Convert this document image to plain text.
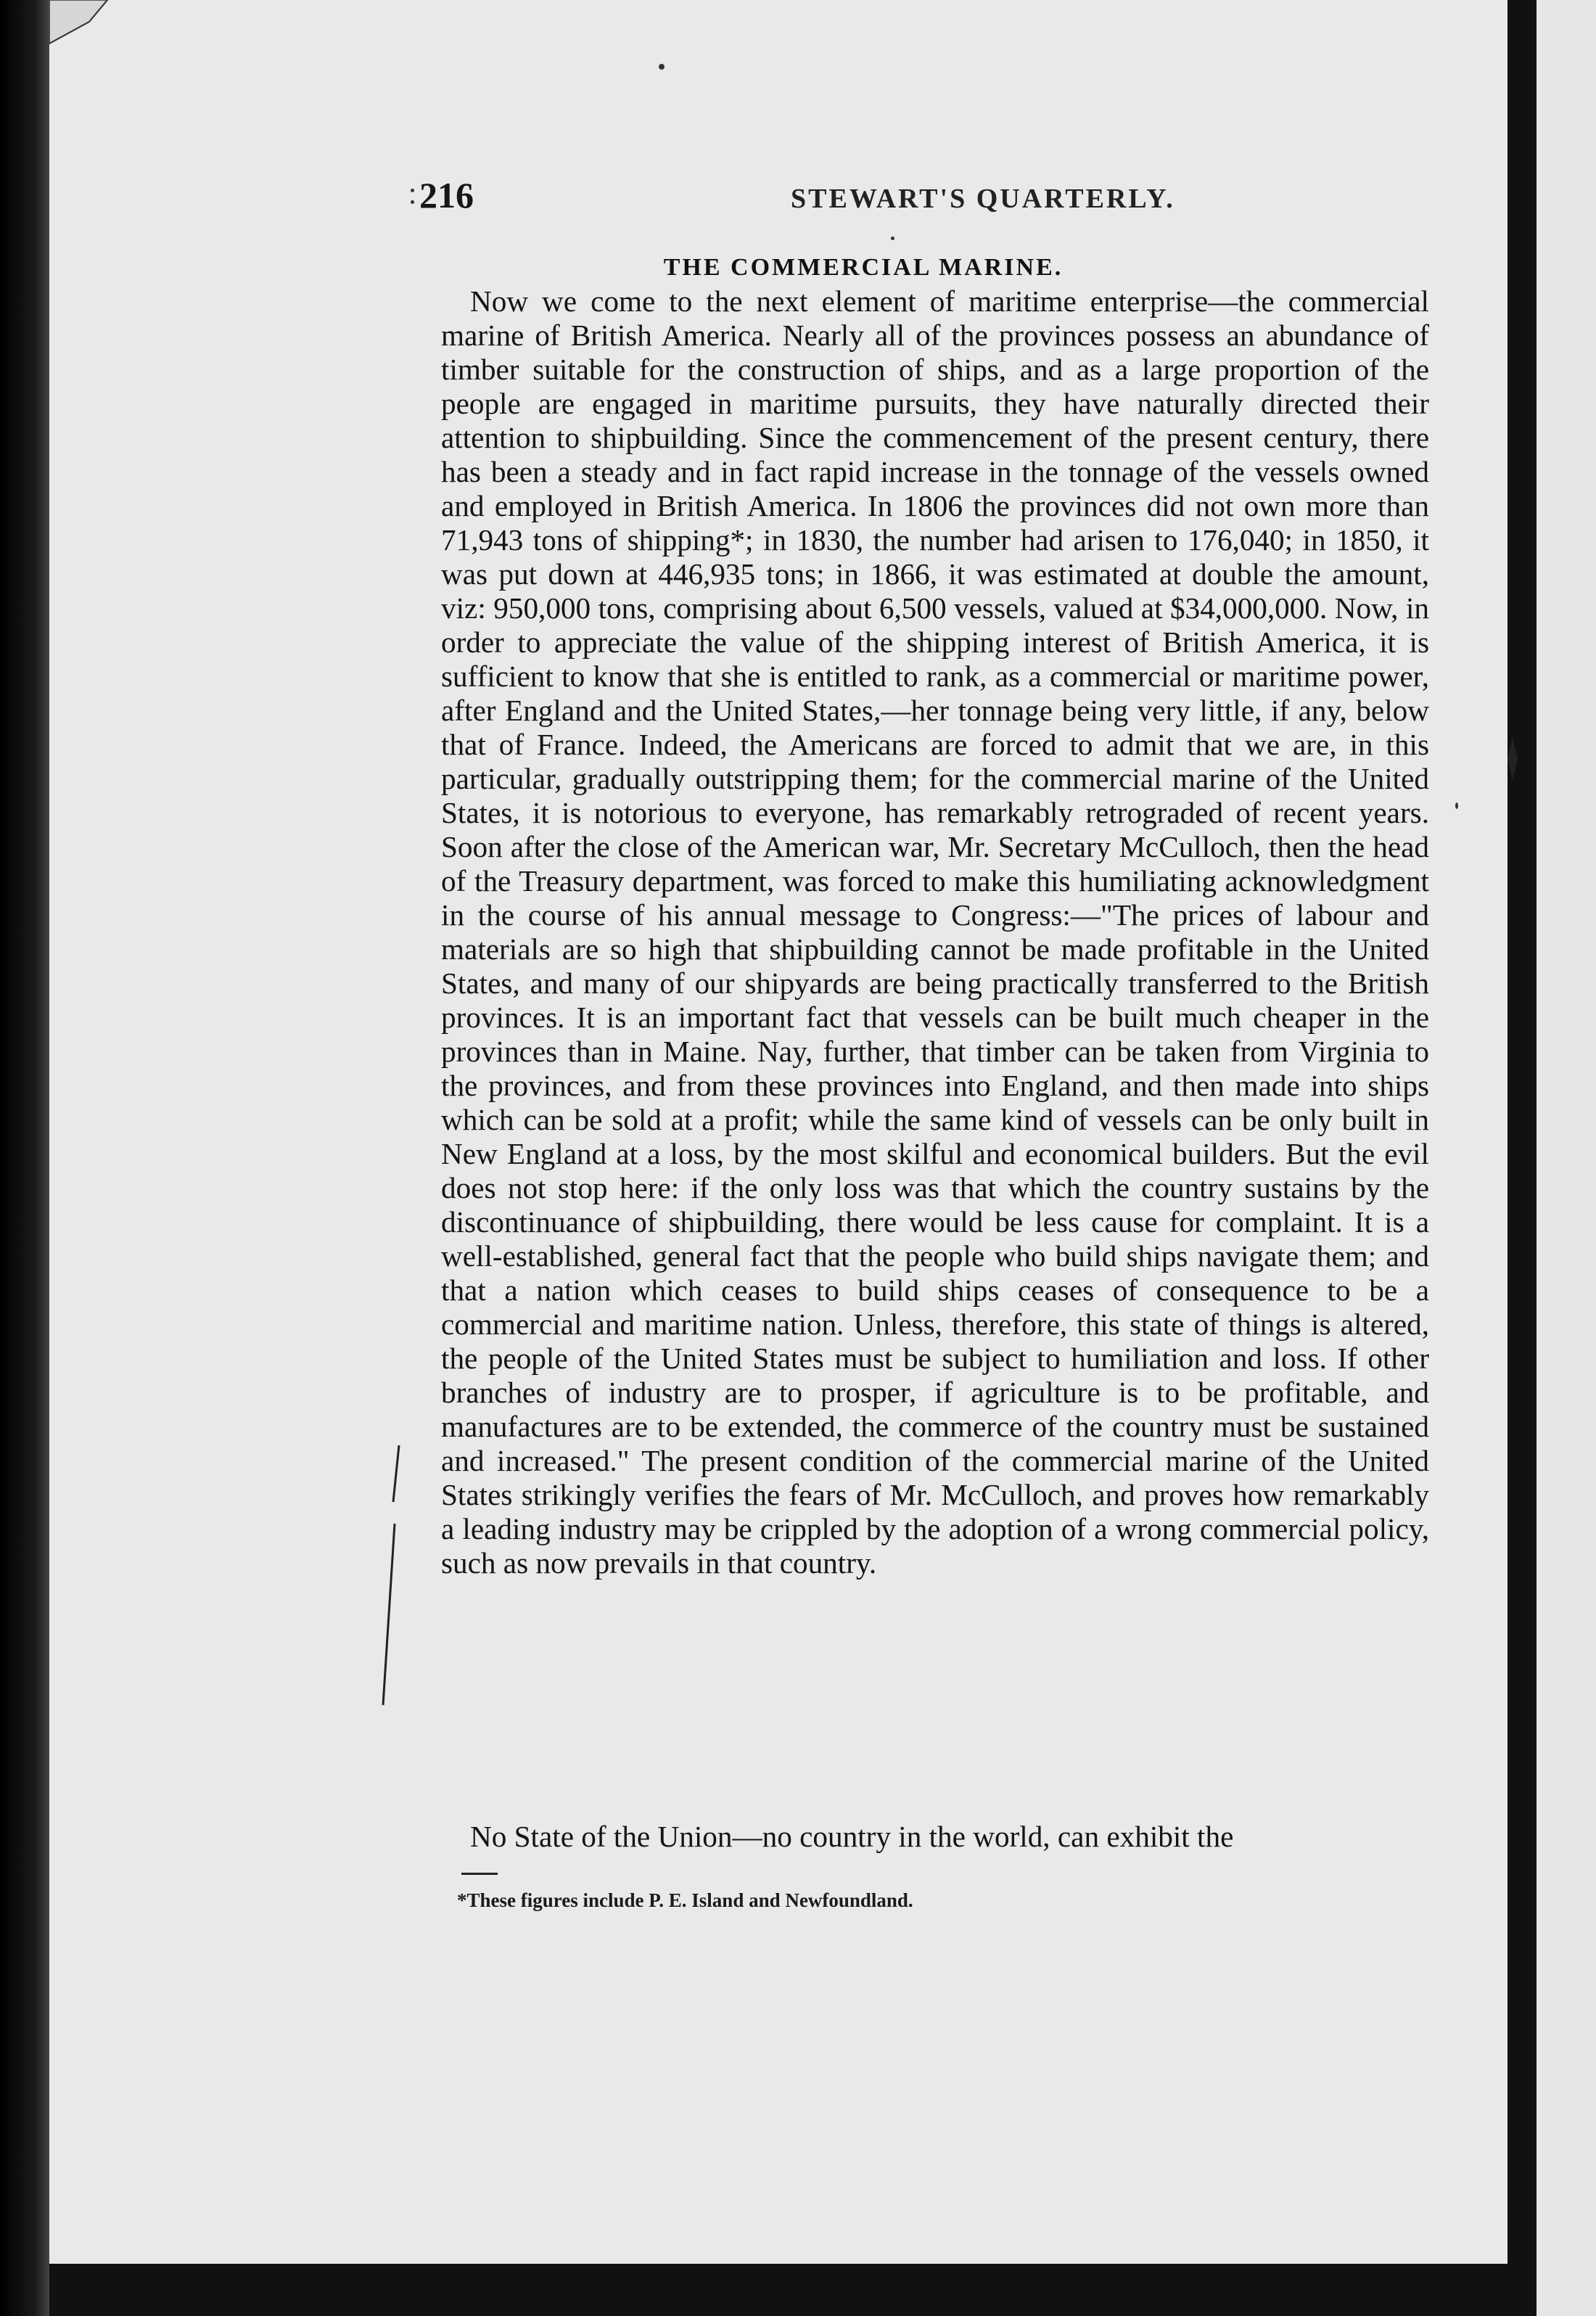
216	STEWART'S QUARTERLY.
THE COMMERCIAL MARINE.

Now we come to the next element of maritime enterprise—the commercial marine of British America. Nearly all of the provinces possess an abundance of timber suitable for the construction of ships, and as a large proportion of the people are engaged in maritime pursuits, they have naturally directed their attention to shipbuilding. Since the commencement of the present century, there has been a steady and in fact rapid increase in the tonnage of the vessels owned and employed in British America. In 1806 the provinces did not own more than 71,943 tons of shipping*; in 1830, the number had arisen to 176,040; in 1850, it was put down at 446,935 tons; in 1866, it was estimated at double the amount, viz: 950,000 tons, comprising about 6,500 vessels, valued at $34,000,000. Now, in order to appreciate the value of the shipping interest of British America, it is sufficient to know that she is entitled to rank, as a commercial or maritime power, after England and the United States,—her tonnage being very little, if any, below that of France. Indeed, the Americans are forced to admit that we are, in this particular, gradually outstripping them; for the commercial marine of the United States, it is notorious to everyone, has remarkably retrograded of recent years. Soon after the close of the American war, Mr. Secretary McCulloch, then the head of the Treasury department, was forced to make this humiliating acknowledgment in the course of his annual message to Congress:—"The prices of labour and materials are so high that shipbuilding cannot be made profitable in the United States, and many of our shipyards are being practically transferred to the British provinces. It is an important fact that vessels can be built much cheaper in the provinces than in Maine. Nay, further, that timber can be taken from Virginia to the provinces, and from these provinces into England, and then made into ships which can be sold at a profit; while the same kind of vessels can be only built in New England at a loss, by the most skilful and economical builders. But the evil does not stop here: if the only loss was that which the country sustains by the discontinuance of shipbuilding, there would be less cause for complaint. It is a well-established, general fact that the people who build ships navigate them; and that a nation which ceases to build ships ceases of consequence to be a commercial and maritime nation. Unless, therefore, this state of things is altered, the people of the United States must be subject to humiliation and loss. If other branches of industry are to prosper, if agriculture is to be profitable, and manufactures are to be extended, the commerce of the country must be sustained and increased." The present condition of the commercial marine of the United States strikingly verifies the fears of Mr. McCulloch, and proves how remarkably a leading industry may be crippled by the adoption of a wrong commercial policy, such as now prevails in that country.

No State of the Union—no country in the world, can exhibit the

*These figures include P. E. Island and Newfoundland.
